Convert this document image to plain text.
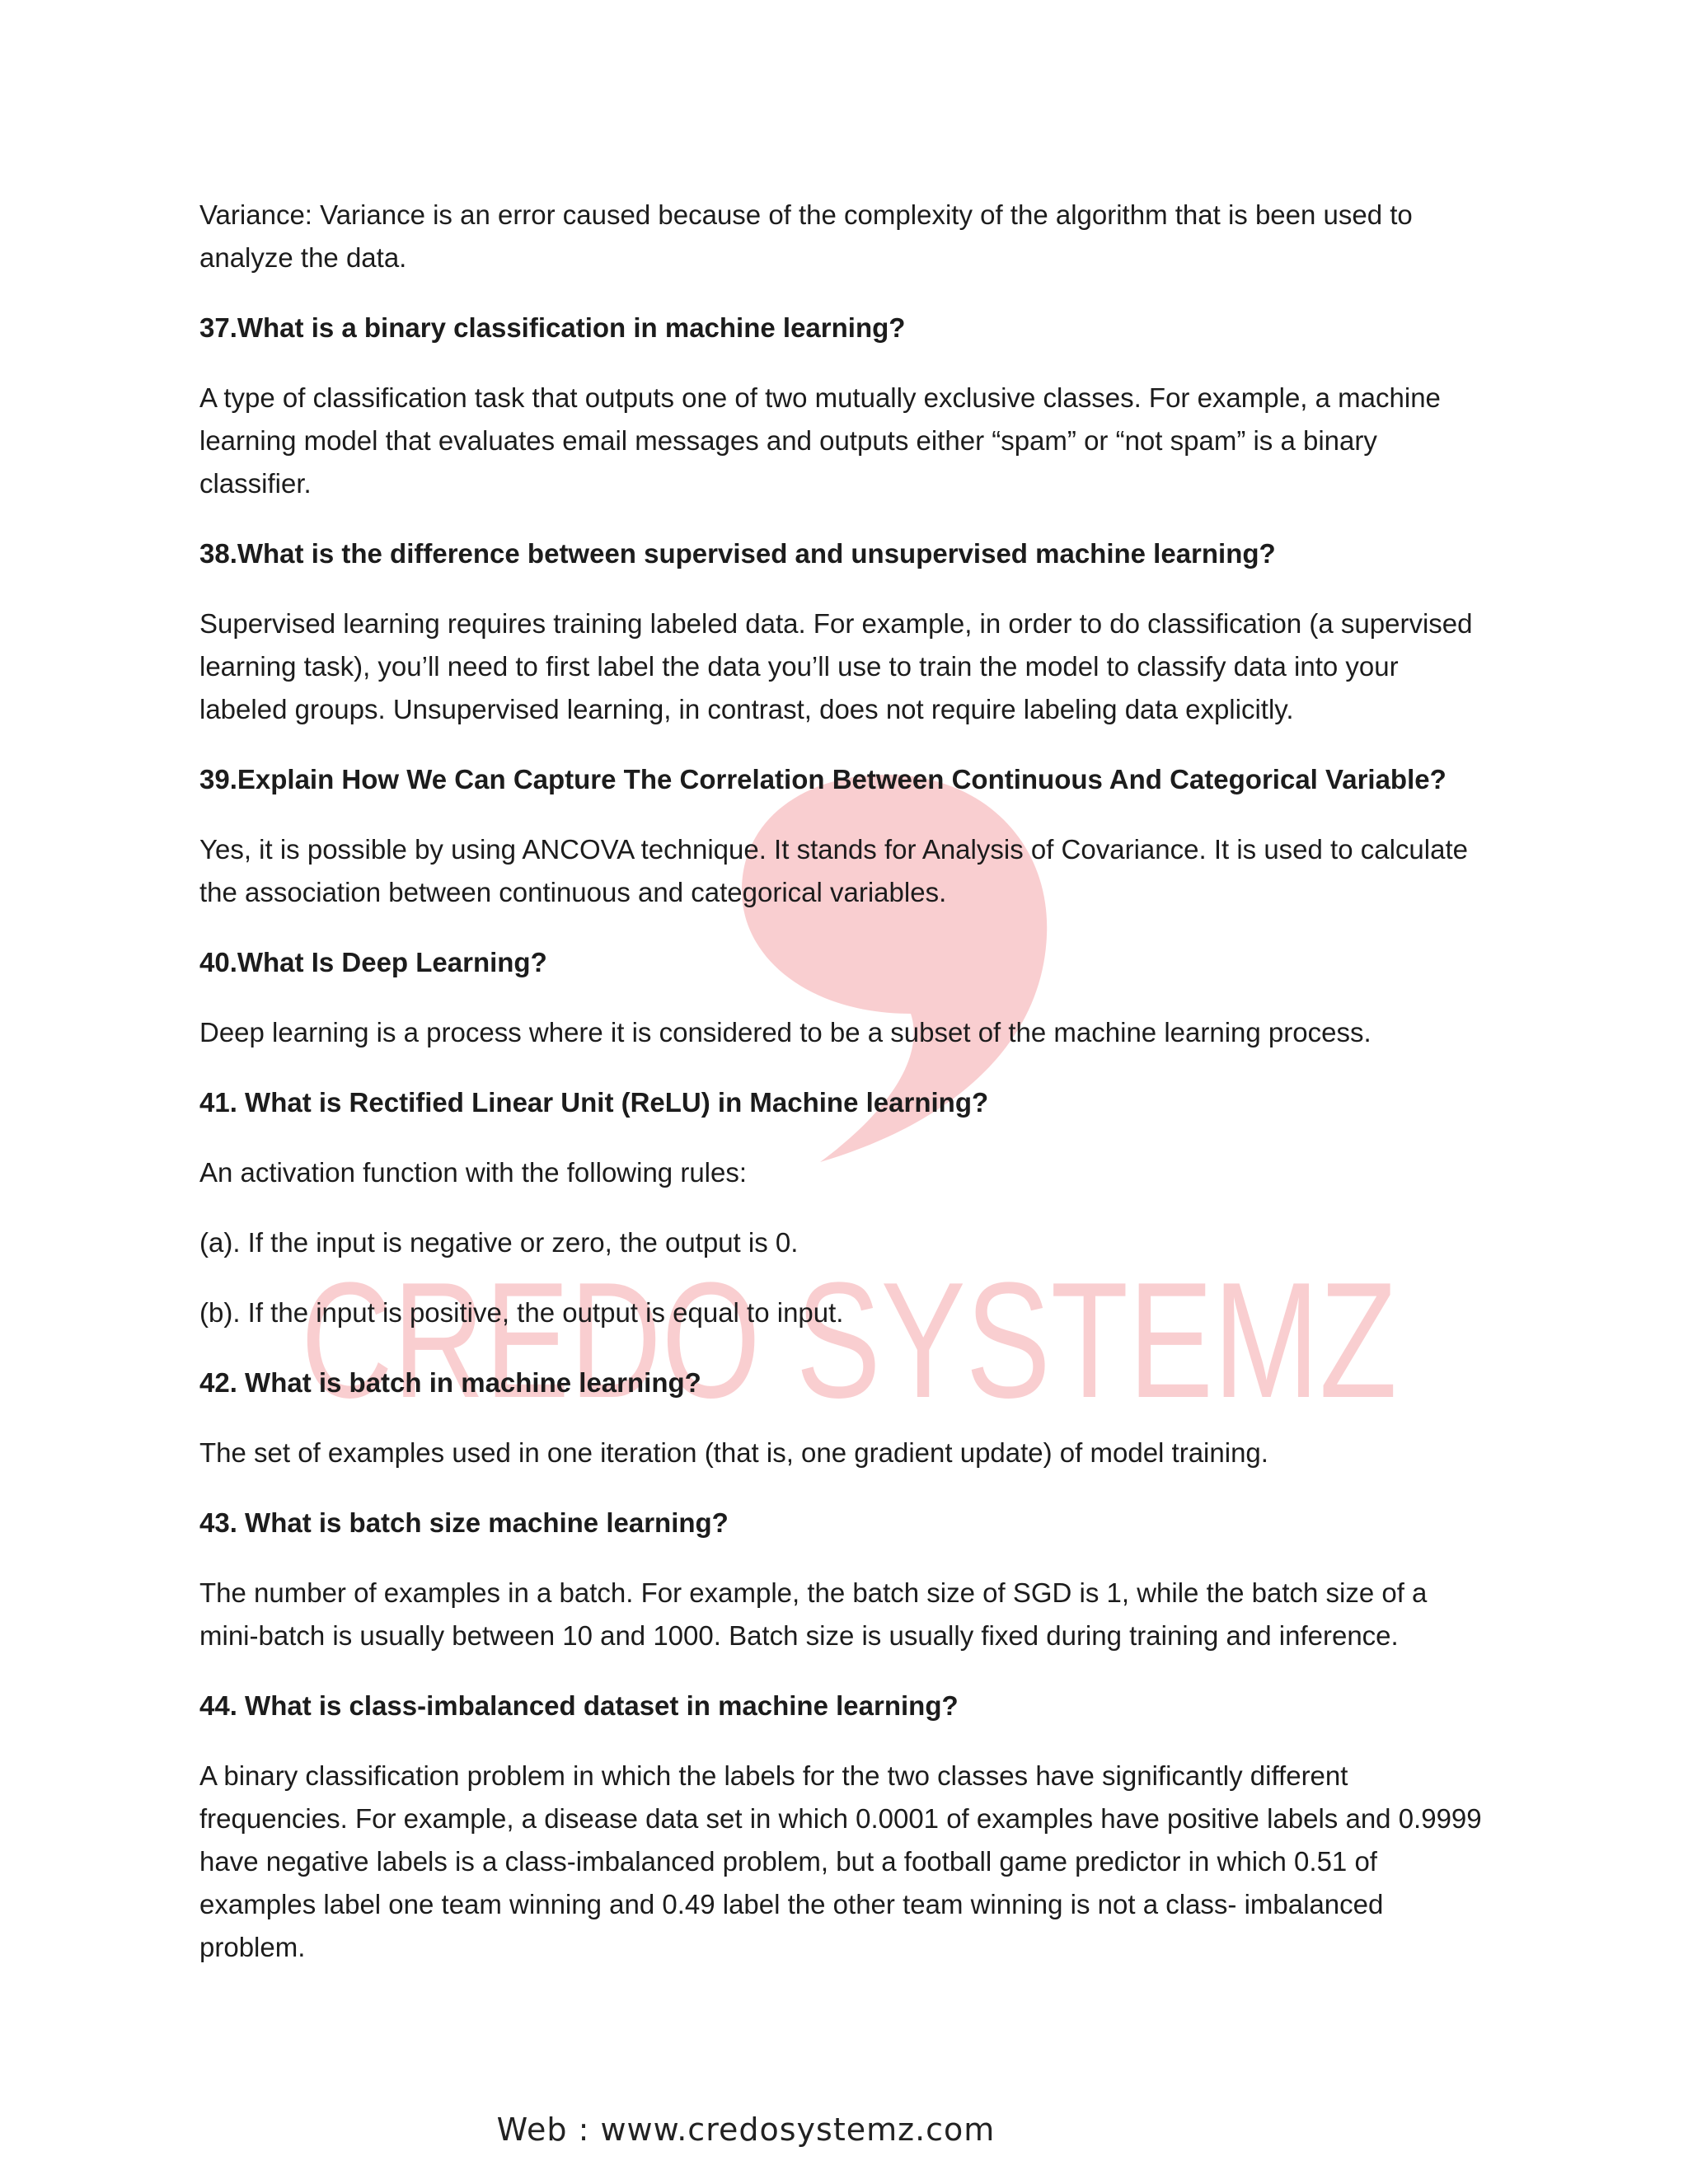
CREDO SYSTEMZ

Variance: Variance is an error caused because of the complexity of the algorithm that is been used to analyze the data.

37.What is a binary classification in machine learning?

A type of classification task that outputs one of two mutually exclusive classes. For example, a machine learning model that evaluates email messages and outputs either “spam” or “not spam” is a binary classifier.

38.What is the difference between supervised and unsupervised machine learning?

Supervised learning requires training labeled data. For example, in order to do classification (a supervised learning task), you’ll need to first label the data you’ll use to train the model to classify data into your labeled groups. Unsupervised learning, in contrast, does not require labeling data explicitly.

39.Explain How We Can Capture The Correlation Between Continuous And Categorical Variable?

Yes, it is possible by using ANCOVA technique. It stands for Analysis of Covariance. It is used to calculate the association between continuous and categorical variables.

40.What Is Deep Learning?

Deep learning is a process where it is considered to be a subset of the machine learning process.

41. What is Rectified Linear Unit (ReLU) in Machine learning?

An activation function with the following rules:

(a). If the input is negative or zero, the output is 0.

(b). If the input is positive, the output is equal to input.

42. What is batch in machine learning?

The set of examples used in one iteration (that is, one gradient update) of model training.

43. What is batch size machine learning?

The number of examples in a batch. For example, the batch size of SGD is 1, while the batch size of a mini-batch is usually between 10 and 1000. Batch size is usually fixed during training and inference.

44. What is class-imbalanced dataset in machine learning?

A binary classification problem in which the labels for the two classes have significantly different frequencies. For example, a disease data set in which 0.0001 of examples have positive labels and 0.9999 have negative labels is a class-imbalanced problem, but a football game predictor in which 0.51 of examples label one team winning and 0.49 label the other team winning is not a class- imbalanced problem.

Web : www.credosystemz.com
